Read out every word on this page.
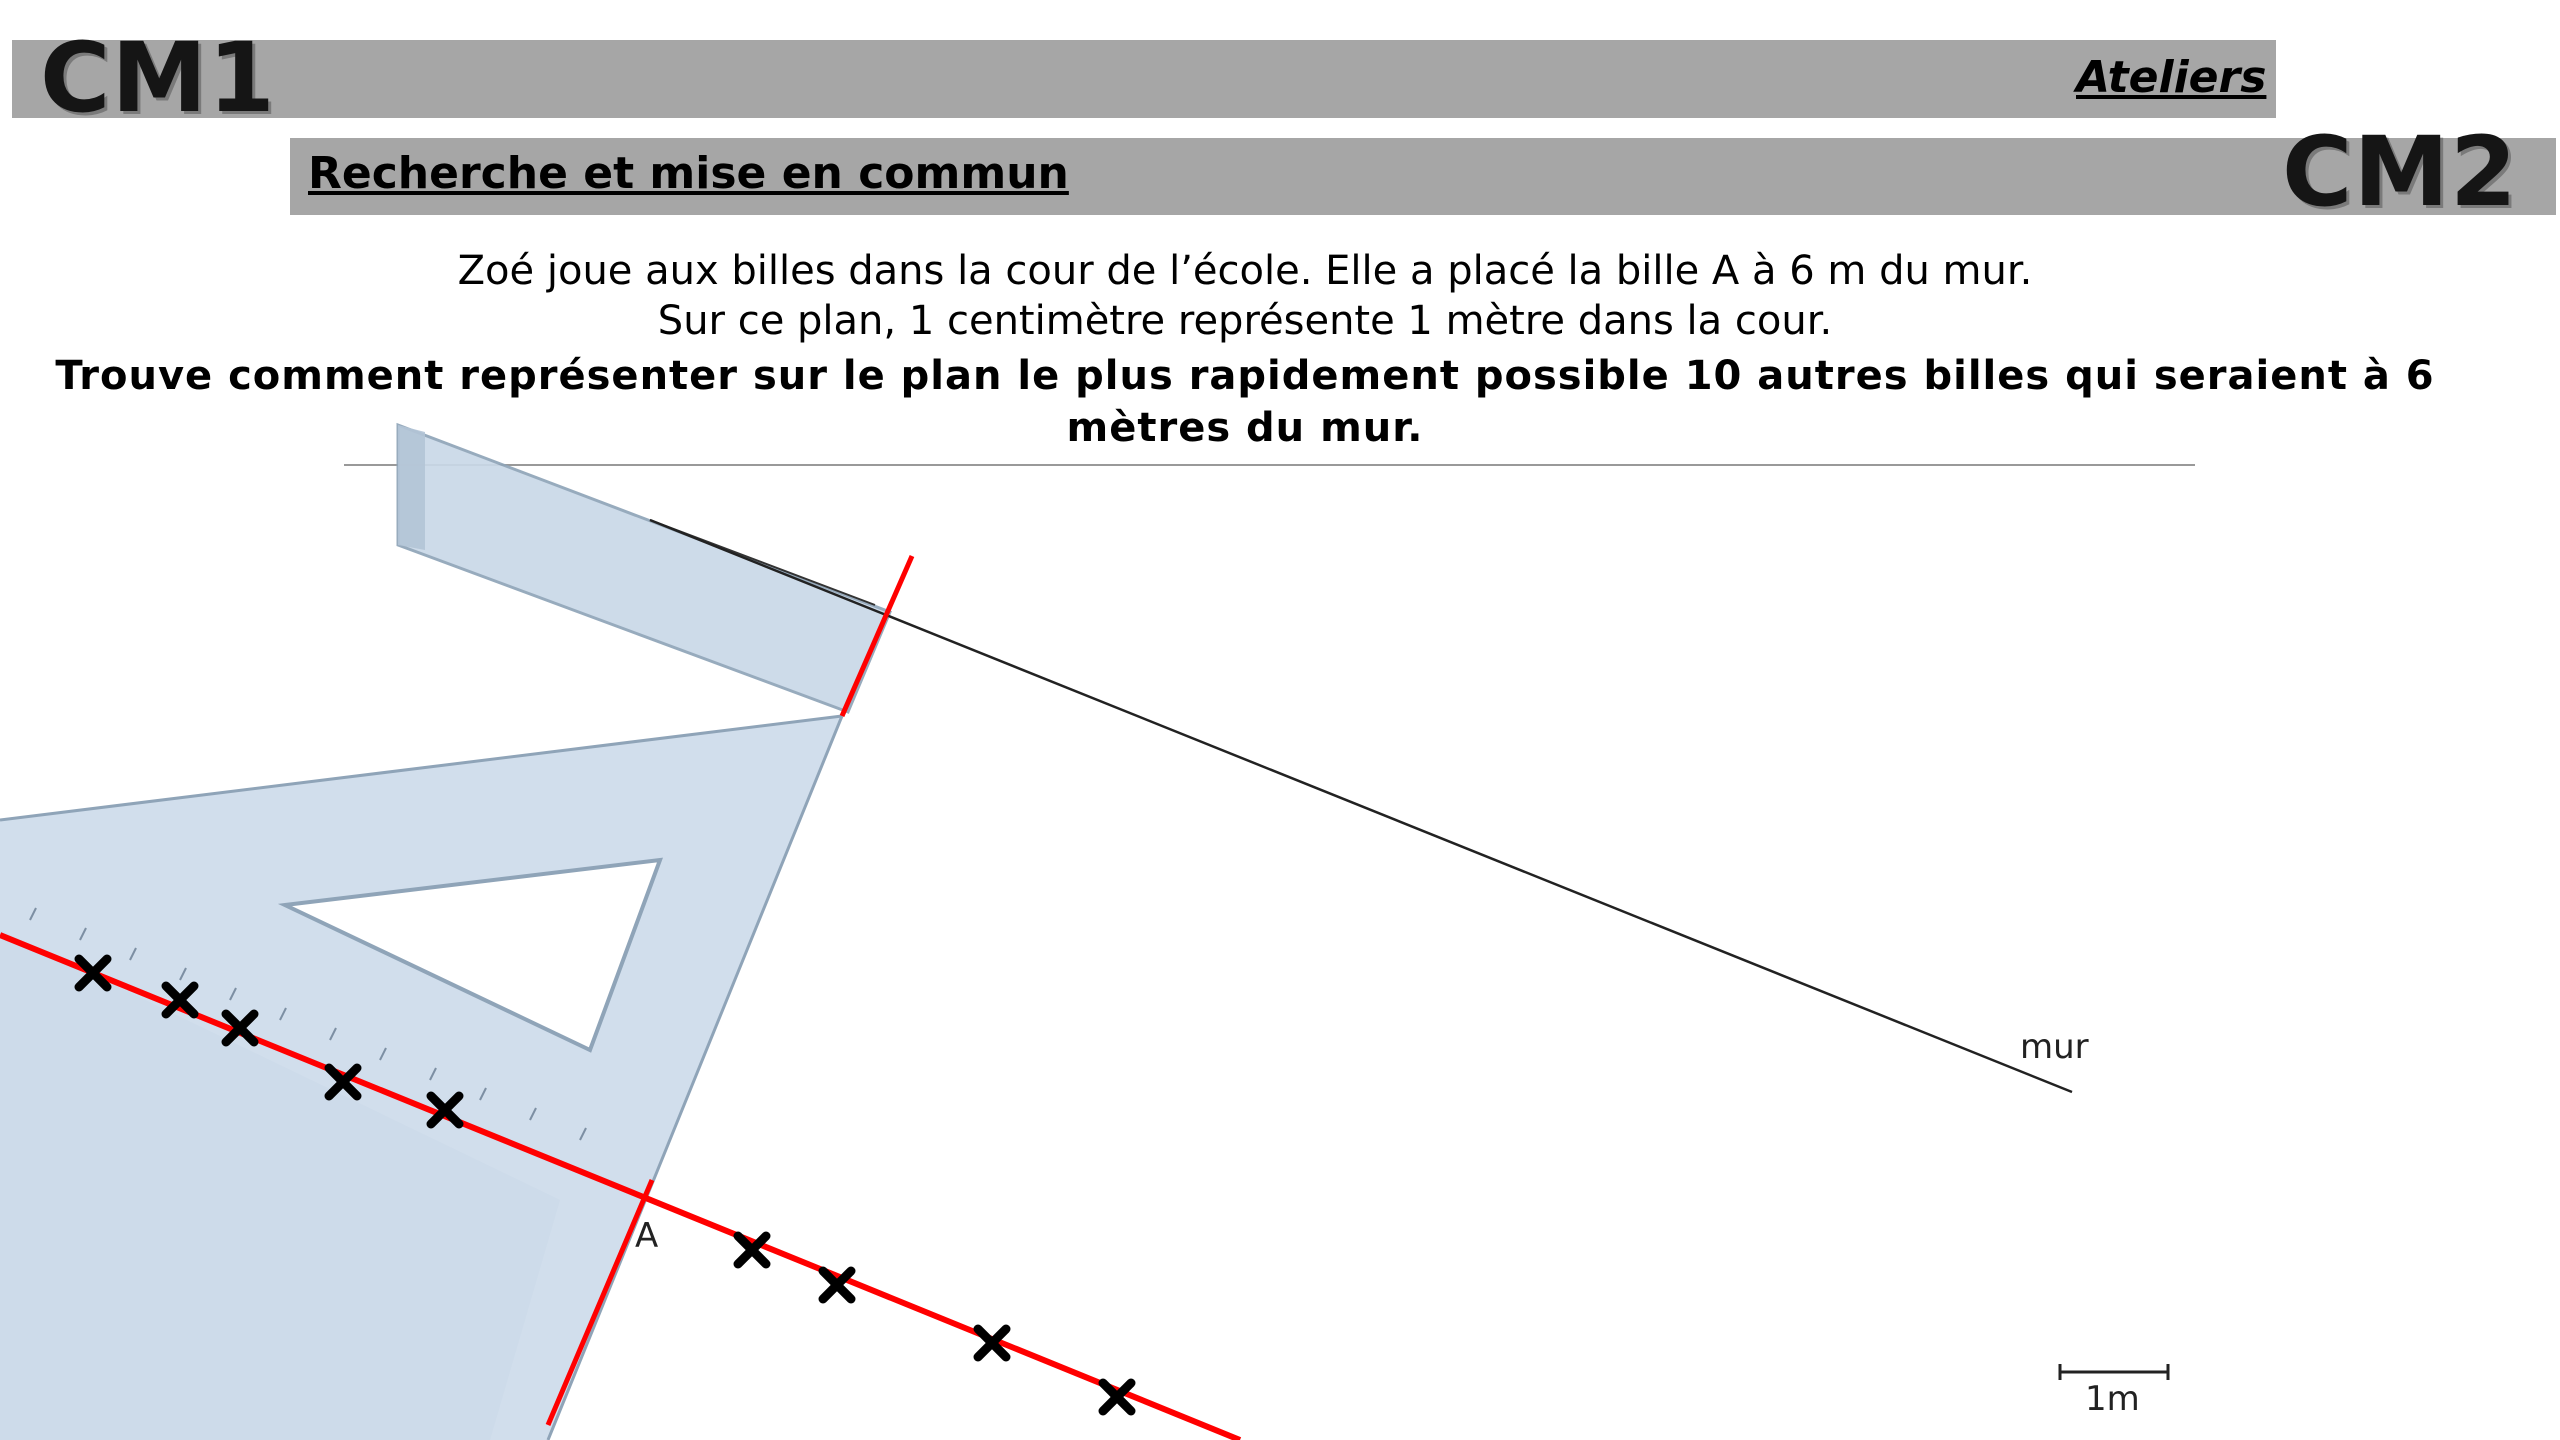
CM1
CM2
Ateliers
Recherche et mise en commun
Zoé joue aux billes dans la cour de l’école. Elle a placé la bille A à 6 m du mur.
Sur ce plan, 1 centimètre représente 1 mètre dans la cour.
Trouve comment représenter sur le plan le plus rapidement possible 10 autres billes qui seraient à 6 mètres du mur.
mur
A
1m
